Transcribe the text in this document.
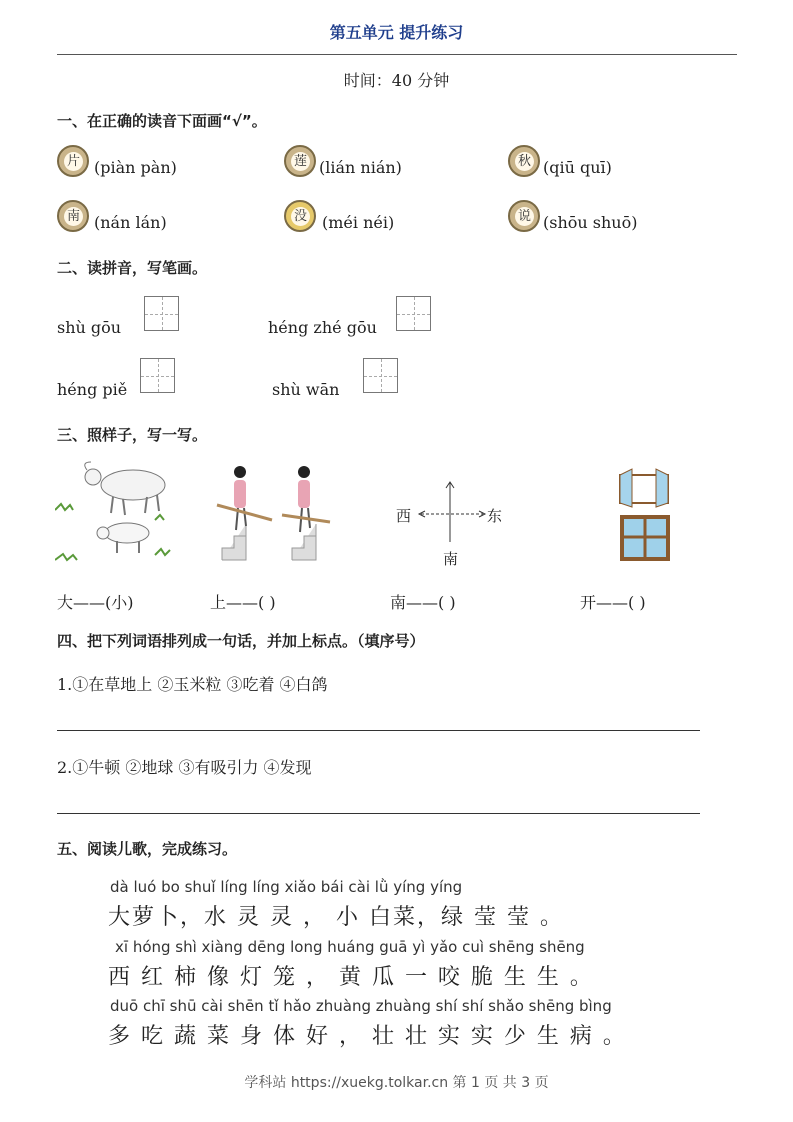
第五单元 提升练习
时间：40 分钟
一、在正确的读音下面画“√”。
片 (piàn pàn)	莲 (lián nián)	秋 (qiū quī)
南 (nán lán)	没 (méi néi)	说 (shōu shuō)
二、读拼音，写笔画。
shù gōu	héng zhé gōu
héng piě	shù wān
三、照样子，写一写。
西	东
南
大——(小)	上——( )	南——( )	开——( )
四、把下列词语排列成一句话，并加上标点。（填序号）
1.①在草地上 ②玉米粒 ③吃着 ④白鸽
2.①牛顿 ②地球 ③有吸引力 ④发现
五、阅读儿歌，完成练习。
dà luó bo shuǐ líng líng xiǎo bái cài lǜ yíng yíng
大萝卜，水 灵 灵 ， 小 白菜，绿 莹 莹 。
xī hóng shì xiàng dēng long huáng guā yì yǎo cuì shēng shēng
西 红 柿 像 灯 笼 ， 黄 瓜 一 咬 脆 生 生 。
duō chī shū cài shēn tǐ hǎo zhuàng zhuàng shí shí shǎo shēng bìng
多 吃 蔬 菜 身 体 好 ， 壮 壮 实 实 少 生 病 。
学科站 https://xuekg.tolkar.cn 第 1 页 共 3 页
